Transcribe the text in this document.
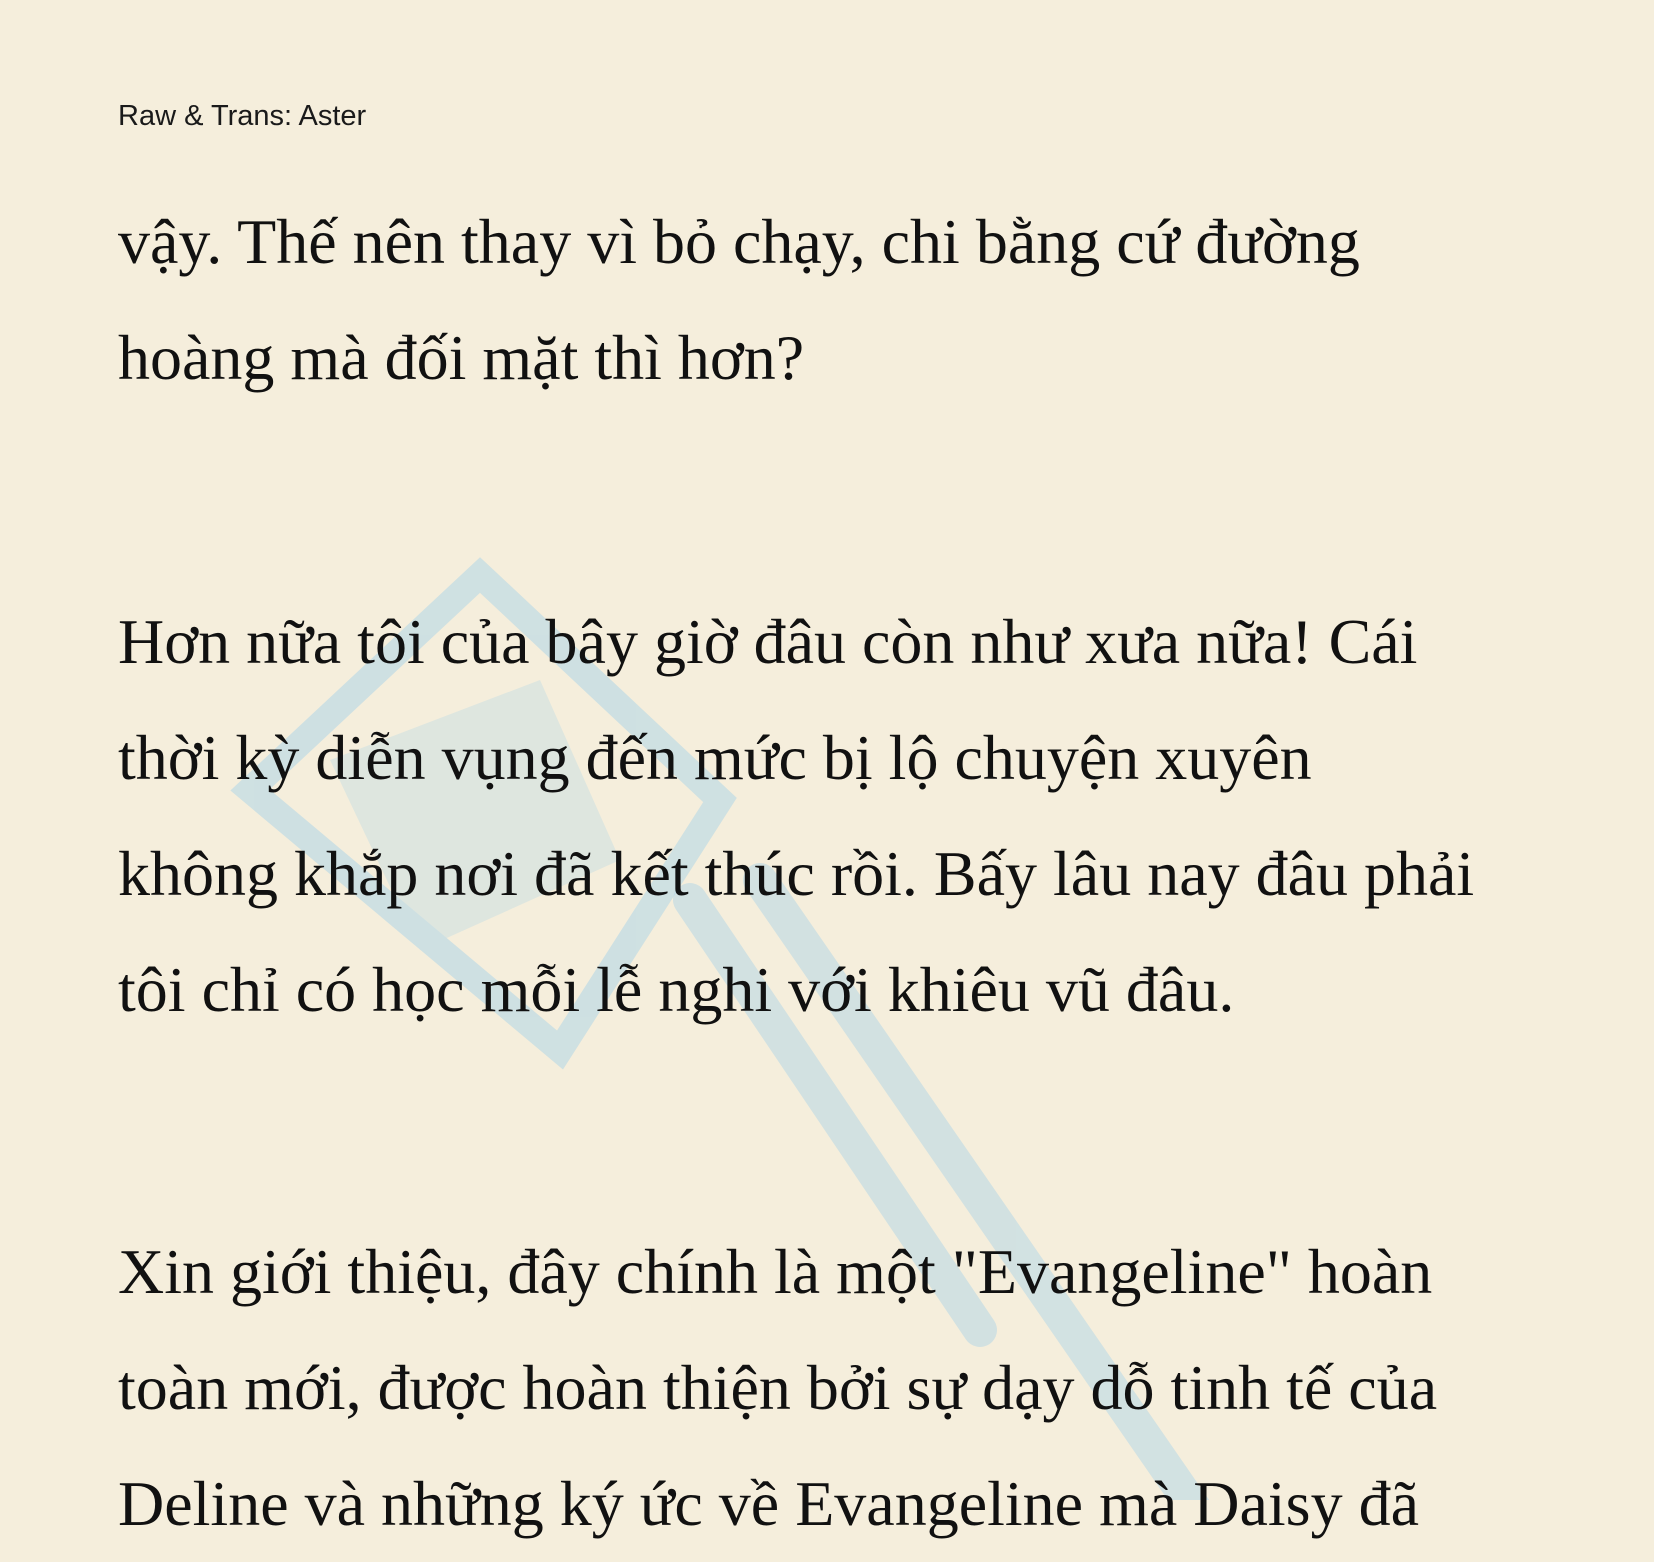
Raw & Trans: Aster
vậy. Thế nên thay vì bỏ chạy, chi bằng cứ đường
hoàng mà đối mặt thì hơn?
Hơn nữa tôi của bây giờ đâu còn như xưa nữa! Cái
thời kỳ diễn vụng đến mức bị lộ chuyện xuyên
không khắp nơi đã kết thúc rồi. Bấy lâu nay đâu phải
tôi chỉ có học mỗi lễ nghi với khiêu vũ đâu.
Xin giới thiệu, đây chính là một "Evangeline" hoàn
toàn mới, được hoàn thiện bởi sự dạy dỗ tinh tế của
Deline và những ký ức về Evangeline mà Daisy đã
